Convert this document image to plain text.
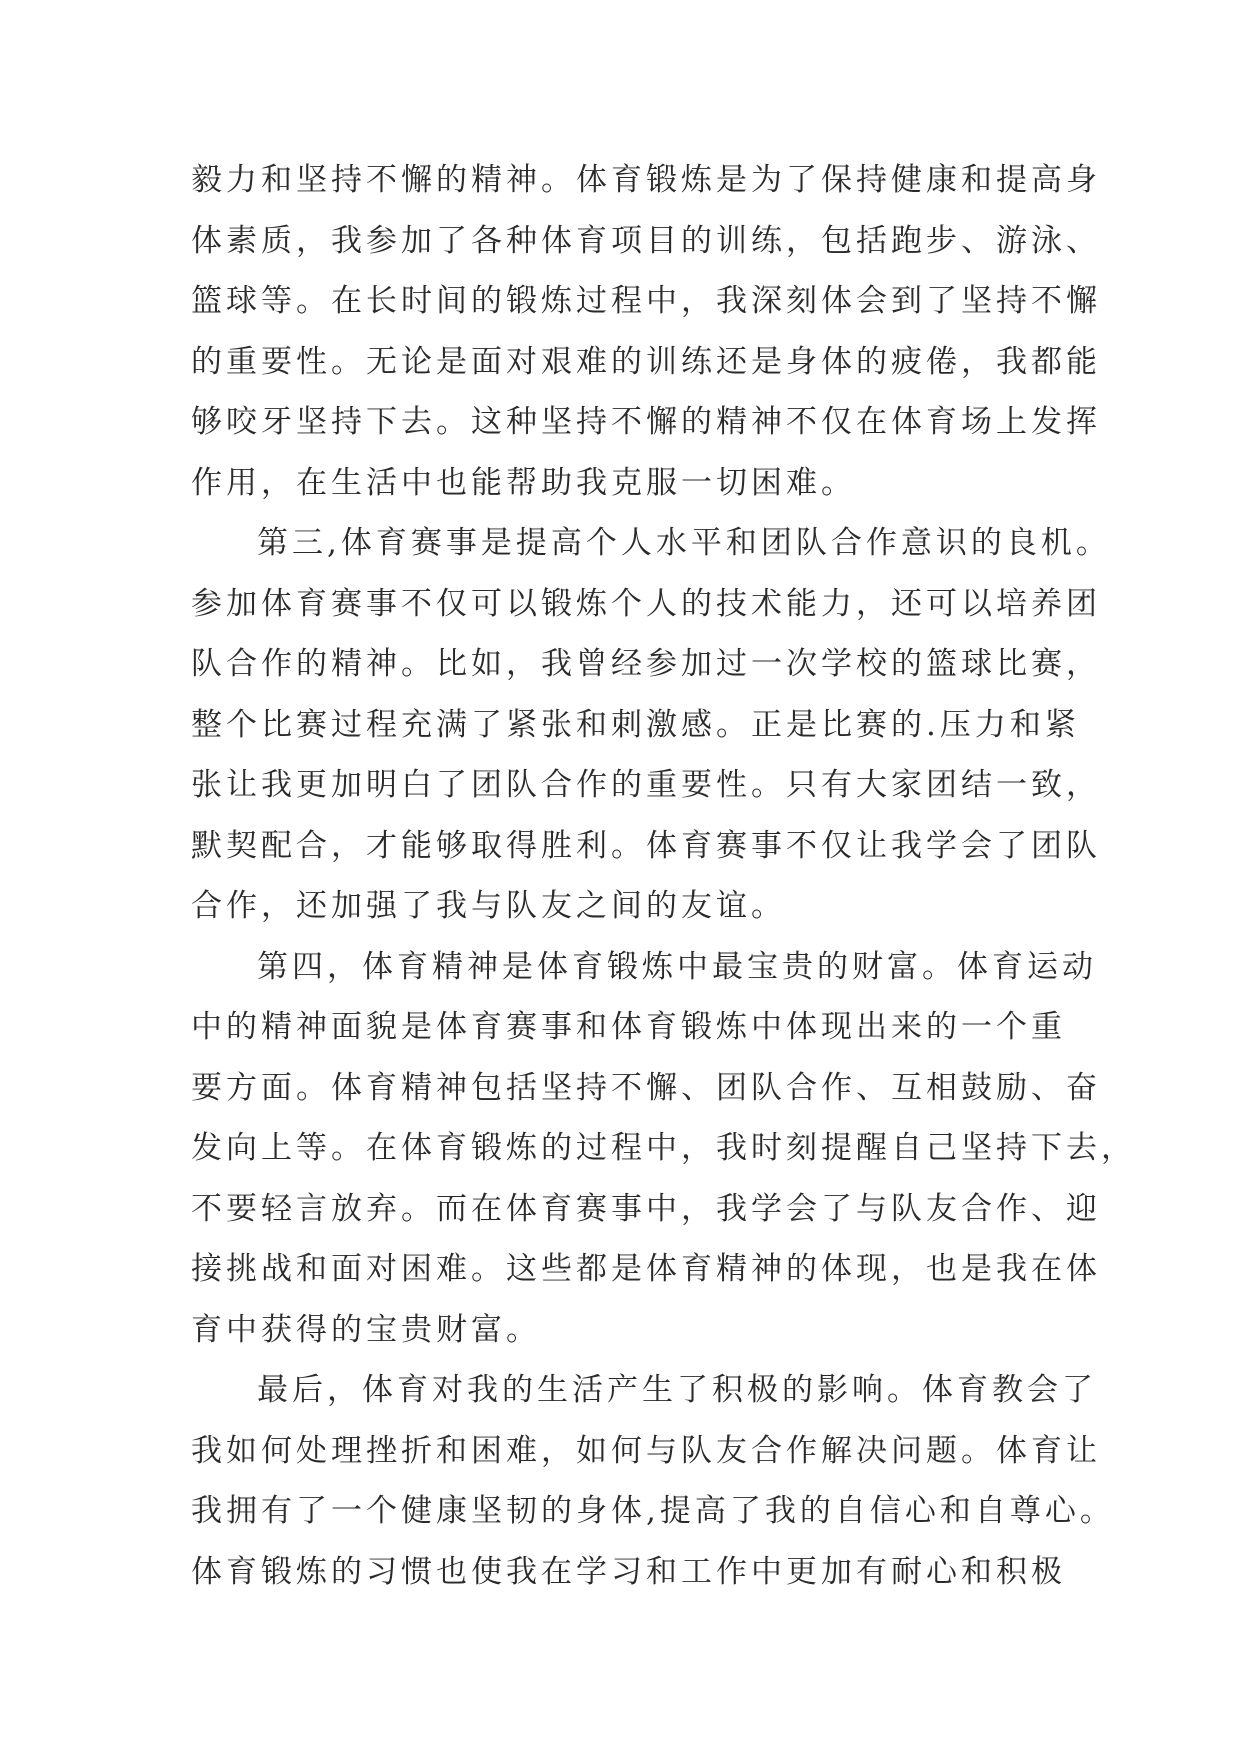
毅力和坚持不懈的精神。体育锻炼是为了保持健康和提高身
体素质，我参加了各种体育项目的训练，包括跑步、游泳、
篮球等。在长时间的锻炼过程中，我深刻体会到了坚持不懈
的重要性。无论是面对艰难的训练还是身体的疲倦，我都能
够咬牙坚持下去。这种坚持不懈的精神不仅在体育场上发挥
作用，在生活中也能帮助我克服一切困难。
第三,体育赛事是提高个人水平和团队合作意识的良机。
参加体育赛事不仅可以锻炼个人的技术能力，还可以培养团
队合作的精神。比如，我曾经参加过一次学校的篮球比赛，
整个比赛过程充满了紧张和刺激感。正是比赛的.压力和紧
张让我更加明白了团队合作的重要性。只有大家团结一致，
默契配合，才能够取得胜利。体育赛事不仅让我学会了团队
合作，还加强了我与队友之间的友谊。
第四，体育精神是体育锻炼中最宝贵的财富。体育运动
中的精神面貌是体育赛事和体育锻炼中体现出来的一个重
要方面。体育精神包括坚持不懈、团队合作、互相鼓励、奋
发向上等。在体育锻炼的过程中，我时刻提醒自己坚持下去，
不要轻言放弃。而在体育赛事中，我学会了与队友合作、迎
接挑战和面对困难。这些都是体育精神的体现，也是我在体
育中获得的宝贵财富。
最后，体育对我的生活产生了积极的影响。体育教会了
我如何处理挫折和困难，如何与队友合作解决问题。体育让
我拥有了一个健康坚韧的身体,提高了我的自信心和自尊心。
体育锻炼的习惯也使我在学习和工作中更加有耐心和积极
